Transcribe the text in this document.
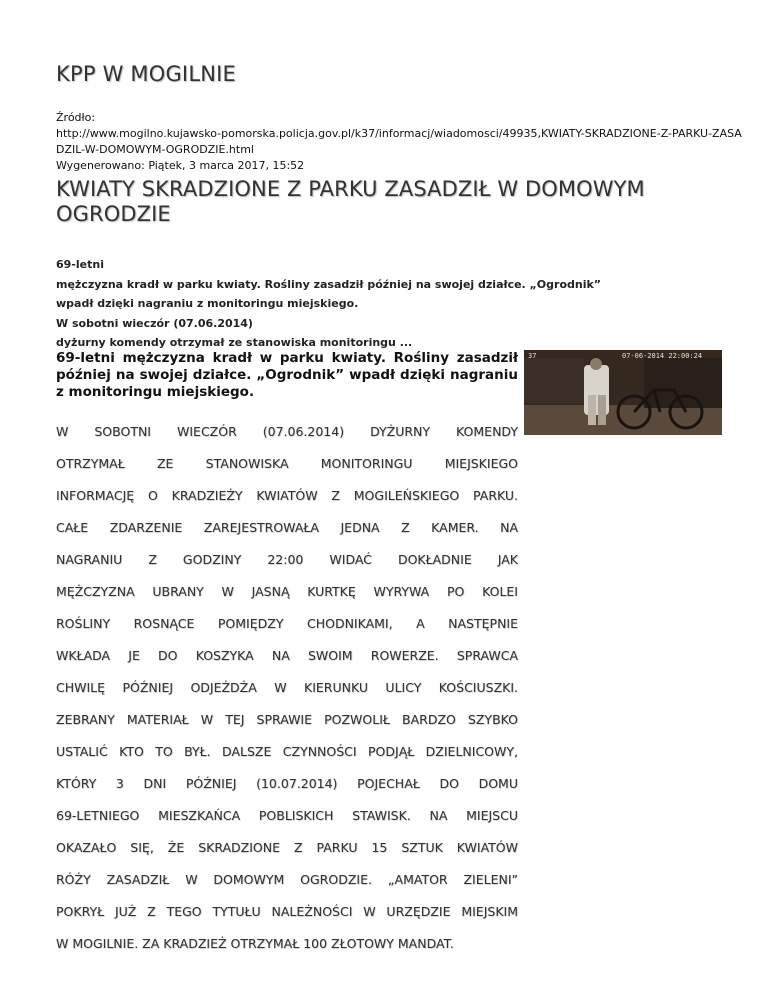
KPP W MOGILNIE
Źródło:
http://www.mogilno.kujawsko-pomorska.policja.gov.pl/k37/informacj/wiadomosci/49935,KWIATY-SKRADZIONE-Z-PARKU-ZASA
DZIL-W-DOMOWYM-OGRODZIE.html
Wygenerowano: Piątek, 3 marca 2017, 15:52
KWIATY SKRADZIONE Z PARKU ZASADZIŁ W DOMOWYM OGRODZIE
69-letni
mężczyzna kradł w parku kwiaty. Rośliny zasadził później na swojej działce. „Ogrodnik”
wpadł dzięki nagraniu z monitoringu miejskiego.
W sobotni wieczór (07.06.2014)
dyżurny komendy otrzymał ze stanowiska monitoringu ...
69-letni mężczyzna kradł w parku kwiaty. Rośliny zasadził później na swojej działce. „Ogrodnik” wpadł dzięki nagraniu z monitoringu miejskiego.
37	07-06-2014 22:00:24
W SOBOTNI WIECZÓR (07.06.2014) DYŻURNY KOMENDY
OTRZYMAŁ ZE STANOWISKA MONITORINGU MIEJSKIEGO
INFORMACJĘ O KRADZIEŻY KWIATÓW Z MOGILEŃSKIEGO PARKU.
CAŁE ZDARZENIE ZAREJESTROWAŁA JEDNA Z KAMER. NA
NAGRANIU Z GODZINY 22:00 WIDAĆ DOKŁADNIE JAK
MĘŻCZYZNA UBRANY W JASNĄ KURTKĘ WYRYWA PO KOLEI
ROŚLINY ROSNĄCE POMIĘDZY CHODNIKAMI, A NASTĘPNIE
WKŁADA JE DO KOSZYKA NA SWOIM ROWERZE. SPRAWCA
CHWILĘ PÓŹNIEJ ODJEŻDŻA W KIERUNKU ULICY KOŚCIUSZKI.
ZEBRANY MATERIAŁ W TEJ SPRAWIE POZWOLIŁ BARDZO SZYBKO
USTALIĆ KTO TO BYŁ. DALSZE CZYNNOŚCI PODJĄŁ DZIELNICOWY,
KTÓRY 3 DNI PÓŹNIEJ (10.07.2014) POJECHAŁ DO DOMU
69-LETNIEGO MIESZKAŃCA POBLISKICH STAWISK. NA MIEJSCU
OKAZAŁO SIĘ, ŻE SKRADZIONE Z PARKU 15 SZTUK KWIATÓW
RÓŻY ZASADZIŁ W DOMOWYM OGRODZIE. „AMATOR ZIELENI”
POKRYŁ JUŻ Z TEGO TYTUŁU NALEŻNOŚCI W URZĘDZIE MIEJSKIM
W MOGILNIE. ZA KRADZIEŻ OTRZYMAŁ 100 ZŁOTOWY MANDAT.
